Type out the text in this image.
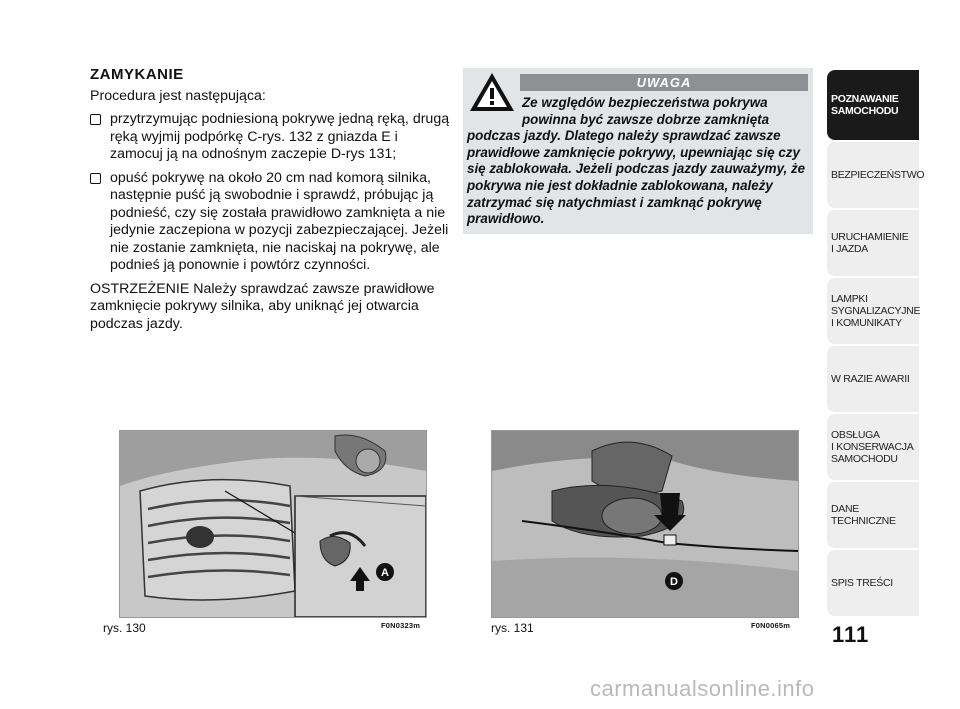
ZAMYKANIE
Procedura jest następująca:
przytrzymując podniesioną pokrywę jedną ręką, drugą ręką wyjmij podpórkę C-rys. 132 z gniazda E i zamocuj ją na odnośnym zaczepie D-rys 131;
opuść pokrywę na około 20 cm nad komorą silnika, następnie puść ją swobodnie i sprawdź, próbując ją podnieść, czy się została prawidłowo zamknięta a nie jedynie zaczepiona w pozycji zabezpieczającej. Jeżeli nie zostanie zamknięta, nie naciskaj na pokrywę, ale podnieś ją ponownie i powtórz czynności.
OSTRZEŻENIE Należy sprawdzać zawsze prawidłowe zamknięcie pokrywy silnika, aby uniknąć jej otwarcia podczas jazdy.
UWAGA
Ze względów bezpieczeństwa pokrywa powinna być zawsze dobrze zamknięta
podczas jazdy. Dlatego należy sprawdzać zawsze prawidłowe zamknięcie pokrywy, upewniając się czy się zablokowała. Jeżeli podczas jazdy zauważymy, że pokrywa nie jest dokładnie zablokowana, należy zatrzymać się natychmiast i zamknąć pokrywę prawidłowo.
POZNAWANIE
SAMOCHODU
BEZPIECZEŃSTWO
URUCHAMIENIE
I JAZDA
LAMPKI
SYGNALIZACYJNE
I KOMUNIKATY
W RAZIE AWARII
OBSŁUGA
I KONSERWACJA
SAMOCHODU
DANE TECHNICZNE
SPIS TREŚCI
111
A
rys. 130	F0N0323m
D
rys. 131	F0N0065m
carmanualsonline.info
